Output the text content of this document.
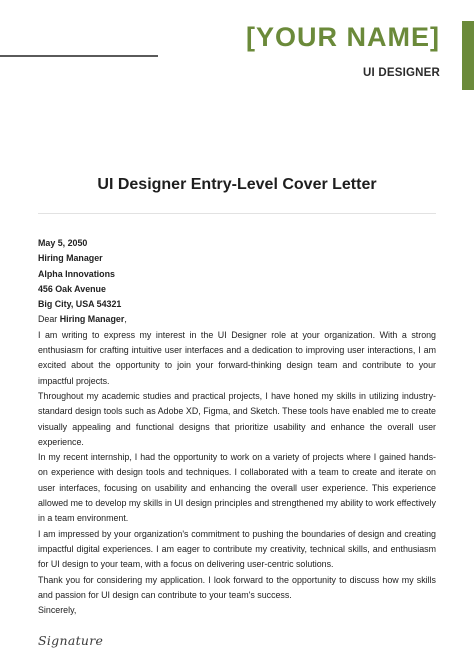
[YOUR NAME]
UI DESIGNER
UI Designer Entry-Level Cover Letter
May 5, 2050
Hiring Manager
Alpha Innovations
456 Oak Avenue
Big City, USA 54321
Dear Hiring Manager,

I am writing to express my interest in the UI Designer role at your organization. With a strong enthusiasm for crafting intuitive user interfaces and a dedication to improving user interactions, I am excited about the opportunity to join your forward-thinking design team and contribute to your impactful projects.

Throughout my academic studies and practical projects, I have honed my skills in utilizing industry-standard design tools such as Adobe XD, Figma, and Sketch. These tools have enabled me to create visually appealing and functional designs that prioritize usability and enhance the overall user experience.

In my recent internship, I had the opportunity to work on a variety of projects where I gained hands-on experience with design tools and techniques. I collaborated with a team to create and iterate on user interfaces, focusing on usability and enhancing the overall user experience. This experience allowed me to develop my skills in UI design principles and strengthened my ability to work effectively in a team environment.

I am impressed by your organization's commitment to pushing the boundaries of design and creating impactful digital experiences. I am eager to contribute my creativity, technical skills, and enthusiasm for UI design to your team, with a focus on delivering user-centric solutions.

Thank you for considering my application. I look forward to the opportunity to discuss how my skills and passion for UI design can contribute to your team's success.

Sincerely,
Signature
